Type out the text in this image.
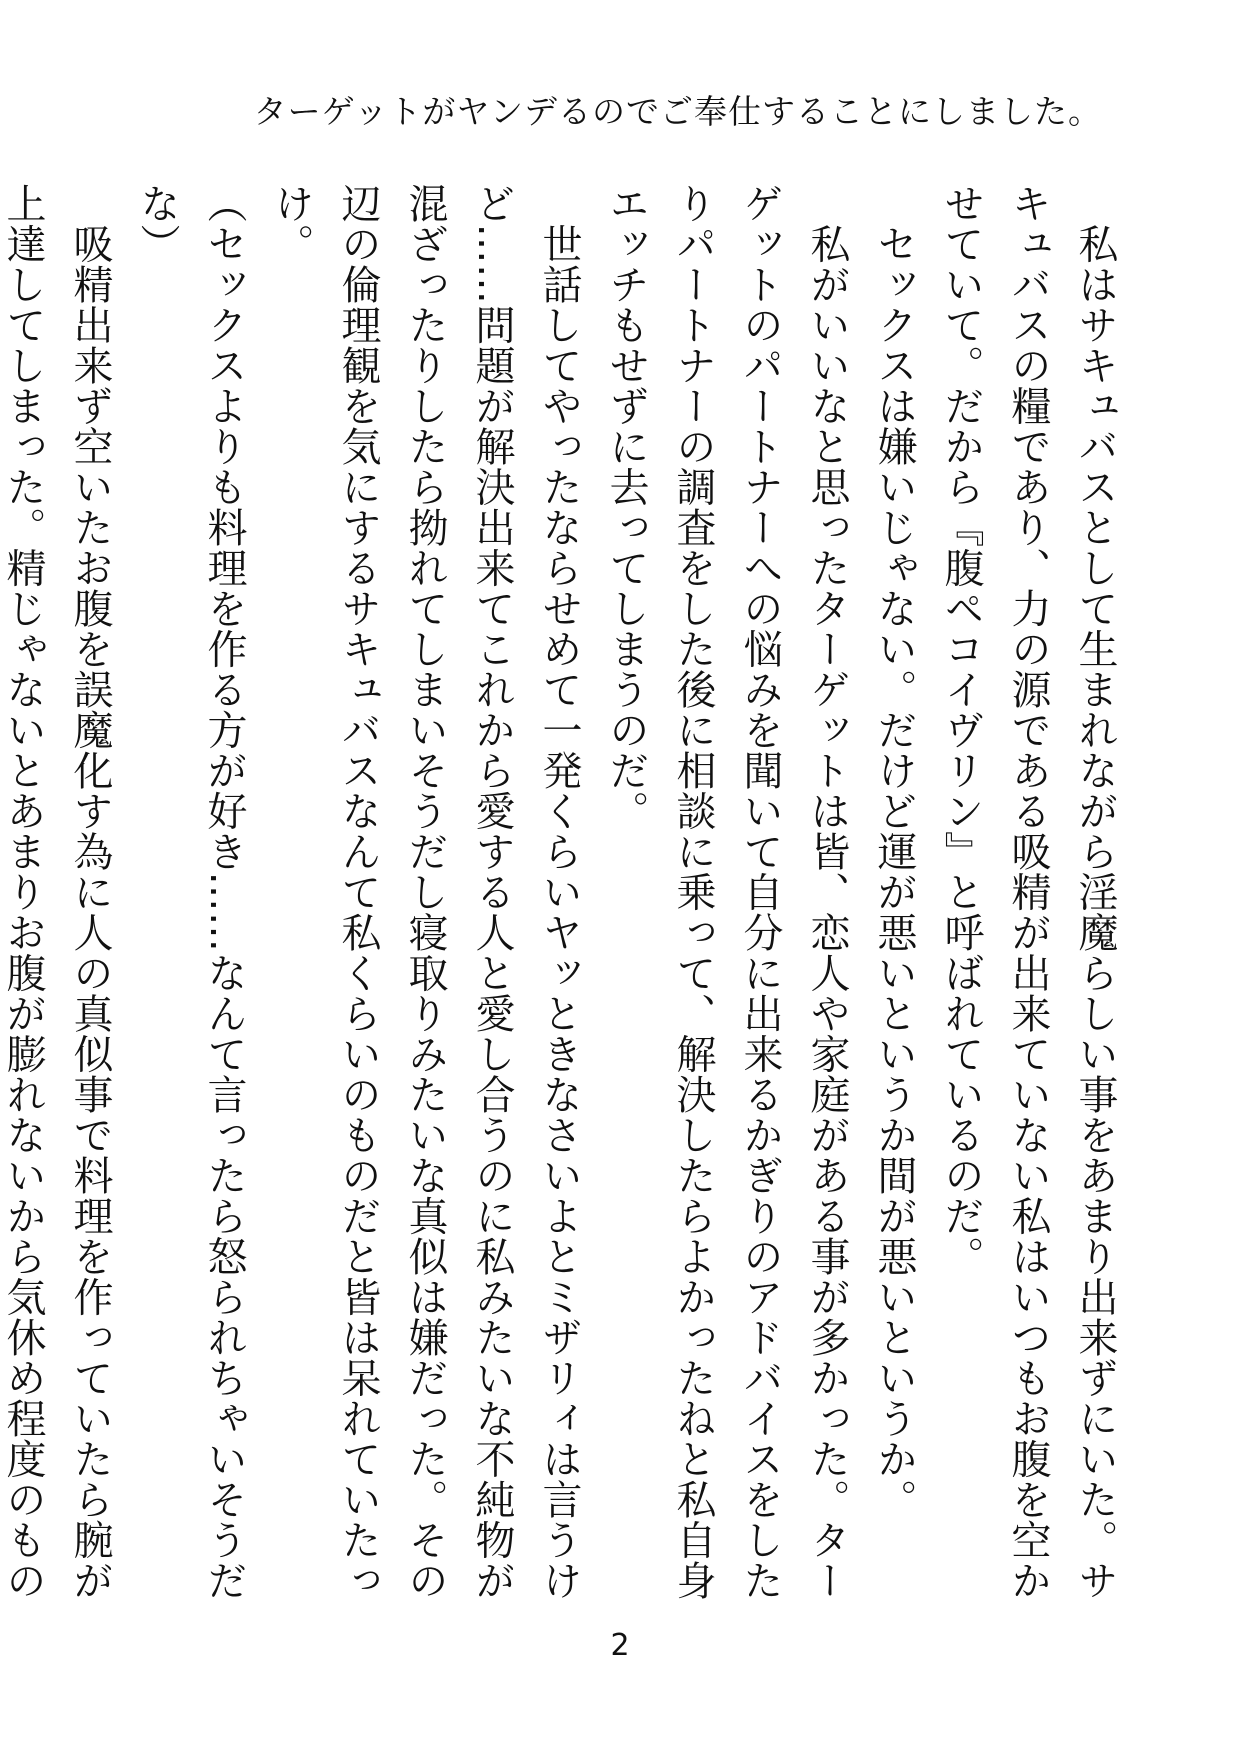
ターゲットがヤンデるのでご奉仕することにしました。

　私はサキュバスとして生まれながら淫魔らしい事をあまり出来ずにいた。サキュバスの糧であり、力の源である吸精が出来ていない私はいつもお腹を空かせていて。だから『腹ペコイヴリン』と呼ばれているのだ。

　セックスは嫌いじゃない。だけど運が悪いというか間が悪いというか。

　私がいいなと思ったターゲットは皆、恋人や家庭がある事が多かった。ターゲットのパートナーへの悩みを聞いて自分に出来るかぎりのアドバイスをしたりパートナーの調査をした後に相談に乗って、解決したらよかったねと私自身エッチもせずに去ってしまうのだ。

　世話してやったならせめて一発くらいヤッときなさいよとミザリィは言うけど……問題が解決出来てこれから愛する人と愛し合うのに私みたいな不純物が混ざったりしたら拗れてしまいそうだし寝取りみたいな真似は嫌だった。その辺の倫理観を気にするサキュバスなんて私くらいのものだと皆は呆れていたっけ。

（セックスよりも料理を作る方が好き……なんて言ったら怒られちゃいそうだな）

　吸精出来ず空いたお腹を誤魔化す為に人の真似事で料理を作っていたら腕が上達してしまった。精じゃないとあまりお腹が膨れないから気休め程度のもの

2
